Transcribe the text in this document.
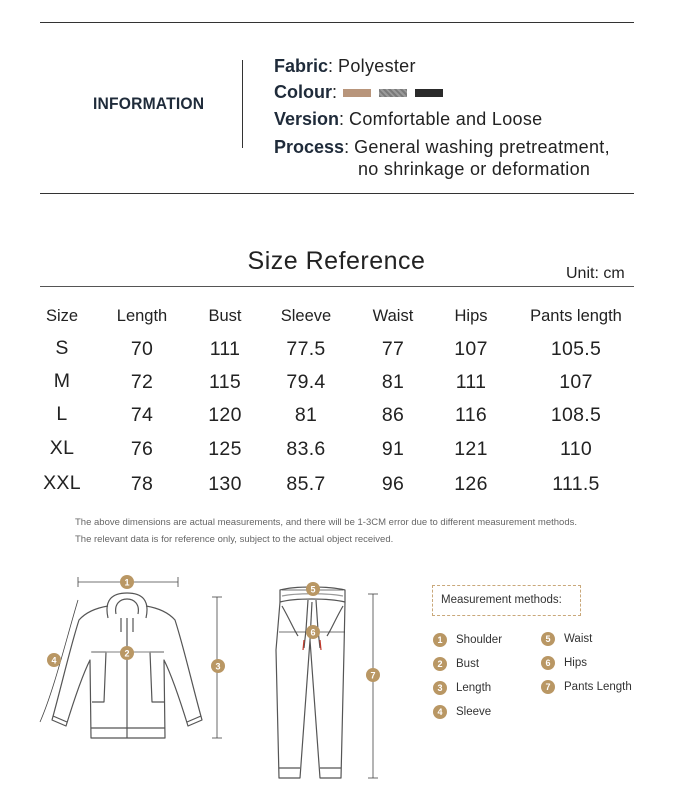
INFORMATION
Fabric: Polyester
Colour:
Version: Comfortable and Loose
Process: General washing pretreatment,
no shrinkage or deformation
Size Reference	Unit: cm
Size	Length	Bust	Sleeve	Waist	Hips	Pants length
S	70	111	77.5	77	107	105.5
M	72	115	79.4	81	111	107
L	74	120	81	86	116	108.5
XL	76	125	83.6	91	121	110
XXL	78	130	85.7	96	126	111.5
The above dimensions are actual measurements, and there will be 1-3CM error due to different measurement methods.
The relevant data is for reference only, subject to the actual object received.
1
2
3
4
5
6
7
Measurement methods:
1 Shoulder
2 Bust
3 Length
4 Sleeve
5 Waist
6 Hips
7 Pants Length
